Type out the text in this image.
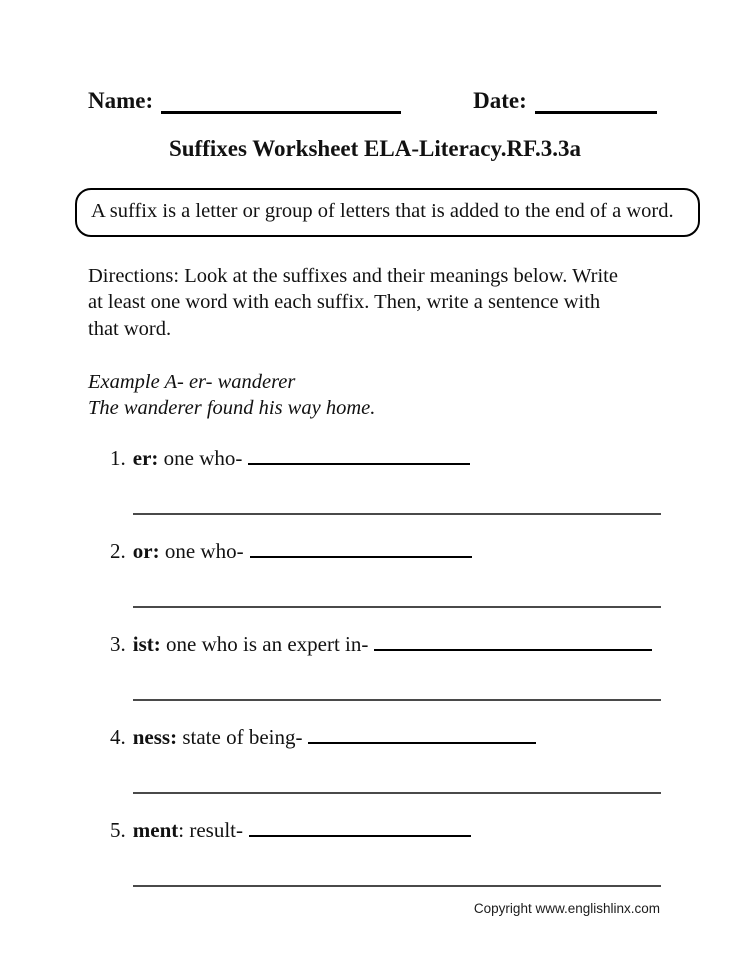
Name:	Date:
Suffixes Worksheet ELA-Literacy.RF.3.3a
A suffix is a letter or group of letters that is added to the end of a word.
Directions: Look at the suffixes and their meanings below. Write
at least one word with each suffix. Then, write a sentence with
that word.
Example A- er- wanderer
The wanderer found his way home.
1. er: one who-
2. or: one who-
3. ist: one who is an expert in-
4. ness: state of being-
5. ment: result-
Copyright www.englishlinx.com
